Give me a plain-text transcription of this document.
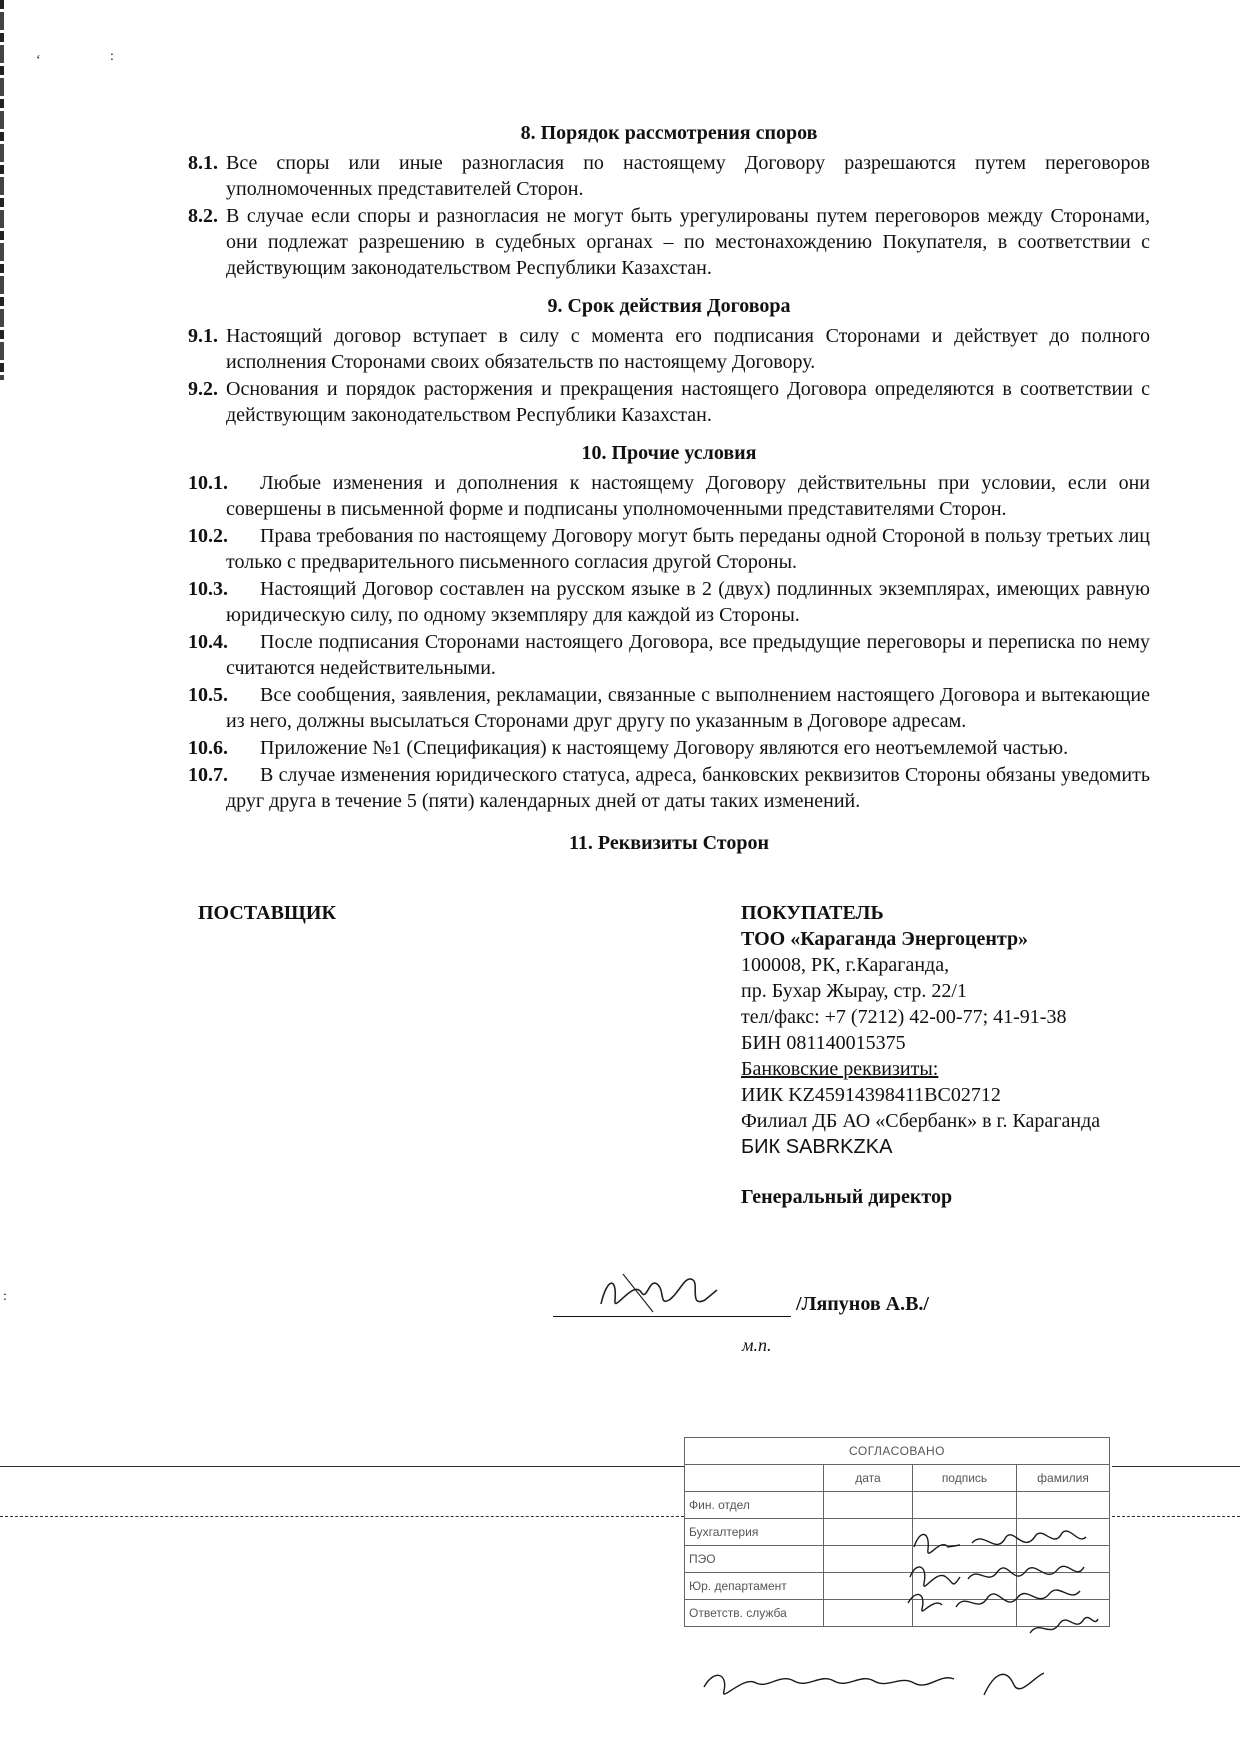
ʻ	:
:
8. Порядок рассмотрения споров
8.1. Все споры или иные разногласия по настоящему Договору разрешаются путем переговоров уполномоченных представителей Сторон.
8.2. В случае если споры и разногласия не могут быть урегулированы путем переговоров между Сторонами, они подлежат разрешению в судебных органах – по местонахождению Покупателя, в соответствии с действующим законодательством Республики Казахстан.
9. Срок действия Договора
9.1. Настоящий договор вступает в силу с момента его подписания Сторонами и действует до полного исполнения Сторонами своих обязательств по настоящему Договору.
9.2. Основания и порядок расторжения и прекращения настоящего Договора определяются в соответствии с действующим законодательством Республики Казахстан.
10. Прочие условия
10.1.	Любые изменения и дополнения к настоящему Договору действительны при условии, если они совершены в письменной форме и подписаны уполномоченными представителями Сторон.
10.2.	Права требования по настоящему Договору могут быть переданы одной Стороной в пользу третьих лиц только с предварительного письменного согласия другой Стороны.
10.3.	Настоящий Договор составлен на русском языке в 2 (двух) подлинных экземплярах, имеющих равную юридическую силу, по одному экземпляру для каждой из Стороны.
10.4.	После подписания Сторонами настоящего Договора, все предыдущие переговоры и переписка по нему считаются недействительными.
10.5.	Все сообщения, заявления, рекламации, связанные с выполнением настоящего Договора и вытекающие из него, должны высылаться Сторонами друг другу по указанным в Договоре адресам.
10.6.	Приложение №1 (Спецификация) к настоящему Договору являются его неотъемлемой частью.
10.7.	В случае изменения юридического статуса, адреса, банковских реквизитов Стороны обязаны уведомить друг друга в течение 5 (пяти) календарных дней от даты таких изменений.
11. Реквизиты Сторон
ПОСТАВЩИК	ПОКУПАТЕЛЬ
ТОО «Караганда Энергоцентр»
100008, РК, г.Караганда,
пр. Бухар Жырау, стр. 22/1
тел/факс: +7 (7212) 42-00-77; 41-91-38
БИН 081140015375
Банковские реквизиты:
ИИК KZ45914398411BC02712
Филиал ДБ АО «Сбербанк» в г. Караганда
БИК SABRKZKA
Генеральный директор
/Ляпунов А.В./
м.п.
СОГЛАСОВАНО			
	дата	подпись	фамилия
Фин. отдел			
Бухгалтерия			
ПЭО			
Юр. департамент			
Ответств. служба			
